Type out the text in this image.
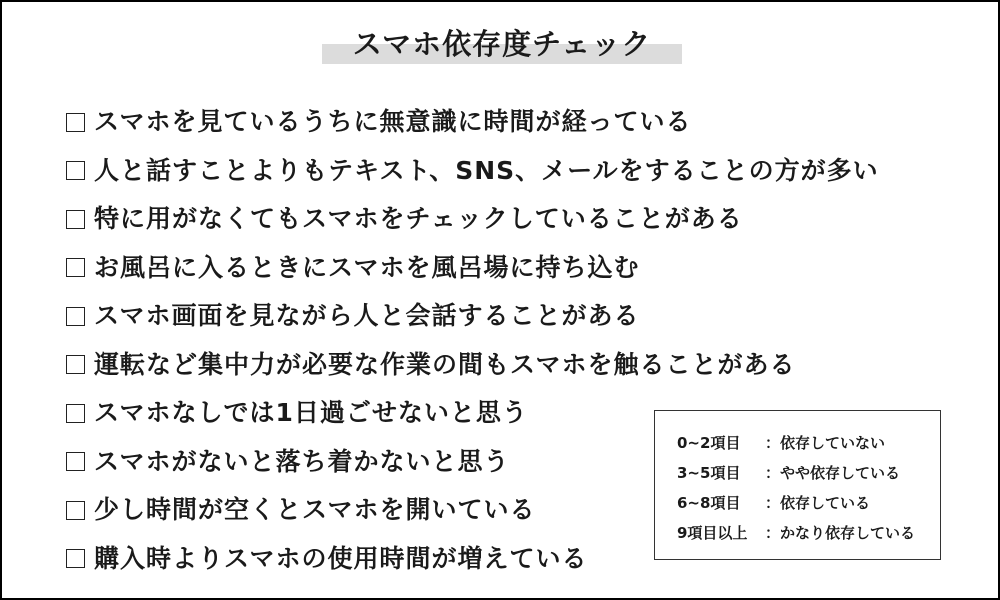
スマホ依存度チェック
スマホを見ているうちに無意識に時間が経っている
人と話すことよりもテキスト、SNS、メールをすることの方が多い
特に用がなくてもスマホをチェックしていることがある
お風呂に入るときにスマホを風呂場に持ち込む
スマホ画面を見ながら人と会話することがある
運転など集中力が必要な作業の間もスマホを触ることがある
スマホなしでは1日過ごせないと思う
スマホがないと落ち着かないと思う
少し時間が空くとスマホを開いている
購入時よりスマホの使用時間が増えている
0~2項目	：依存していない
3~5項目	：やや依存している
6~8項目	：依存している
9項目以上	：かなり依存している
